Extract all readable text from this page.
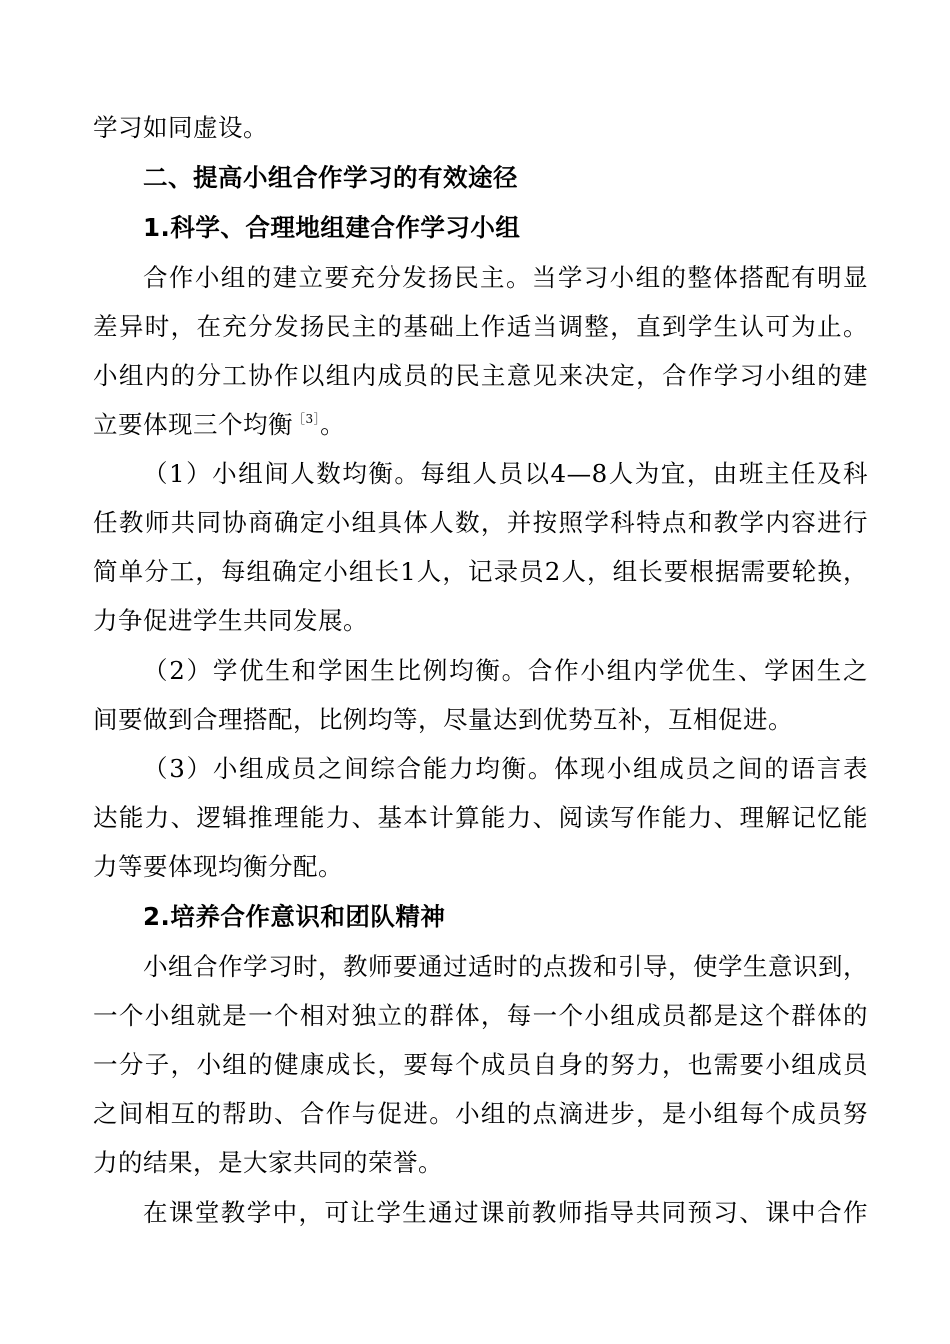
学习如同虚设。
二、提高小组合作学习的有效途径
1.科学、合理地组建合作学习小组
合作小组的建立要充分发扬民主。当学习小组的整体搭配有明显
差异时，在充分发扬民主的基础上作适当调整，直到学生认可为止。
小组内的分工协作以组内成员的民主意见来决定，合作学习小组的建
立要体现三个均衡$^{[3]}$。
（1）小组间人数均衡。每组人员以4—8人为宜，由班主任及科
任教师共同协商确定小组具体人数，并按照学科特点和教学内容进行
简单分工，每组确定小组长1人，记录员2人，组长要根据需要轮换，
力争促进学生共同发展。
（2）学优生和学困生比例均衡。合作小组内学优生、学困生之
间要做到合理搭配，比例均等，尽量达到优势互补，互相促进。
（3）小组成员之间综合能力均衡。体现小组成员之间的语言表
达能力、逻辑推理能力、基本计算能力、阅读写作能力、理解记忆能
力等要体现均衡分配。
2.培养合作意识和团队精神
小组合作学习时，教师要通过适时的点拨和引导，使学生意识到，
一个小组就是一个相对独立的群体，每一个小组成员都是这个群体的
一分子，小组的健康成长，要每个成员自身的努力，也需要小组成员
之间相互的帮助、合作与促进。小组的点滴进步，是小组每个成员努
力的结果，是大家共同的荣誉。
在课堂教学中，可让学生通过课前教师指导共同预习、课中合作
